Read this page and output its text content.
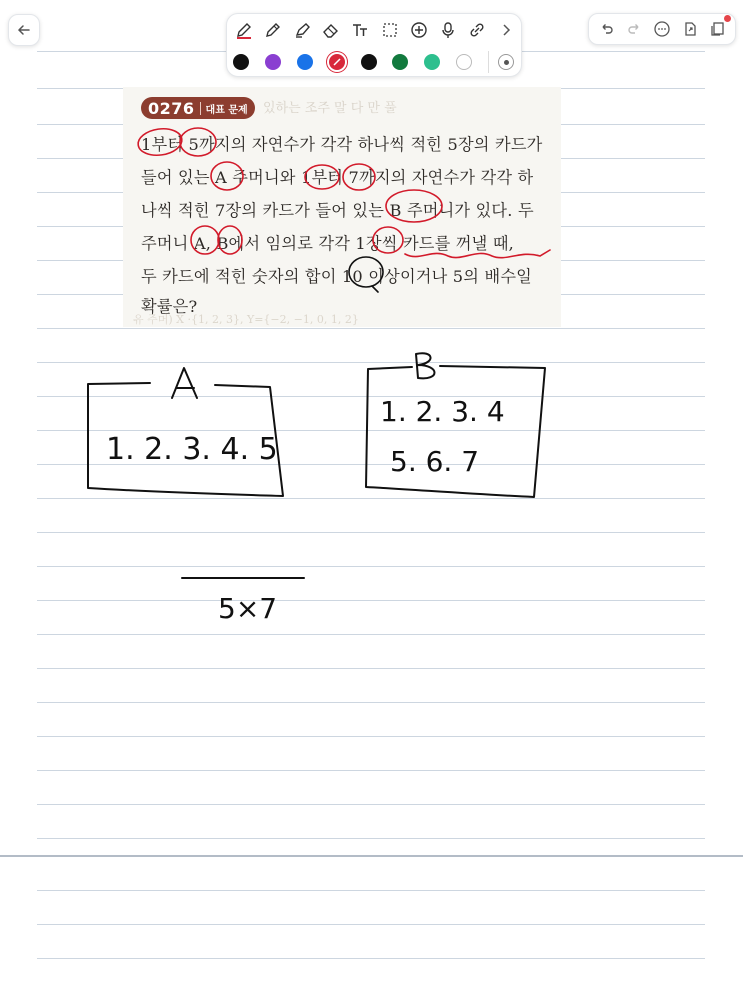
있하는 조주 말 다 만 풀
0276 대표 문제
1부터 5까지의 자연수가 각각 하나씩 적힌 5장의 카드가
들어 있는 A 주머니와 1부터 7까지의 자연수가 각각 하
나씩 적힌 7장의 카드가 들어 있는 B 주머니가 있다. 두
주머니 A, B에서 임의로 각각 1장씩 카드를 꺼낼 때,
두 카드에 적힌 숫자의 합이 10 이상이거나 5의 배수일
확률은?
유 주머) X ·{1, 2, 3}, Y={−2, −1, 0, 1, 2}
1. 2. 3. 4. 5
1. 2. 3. 4
5. 6. 7
5×7
